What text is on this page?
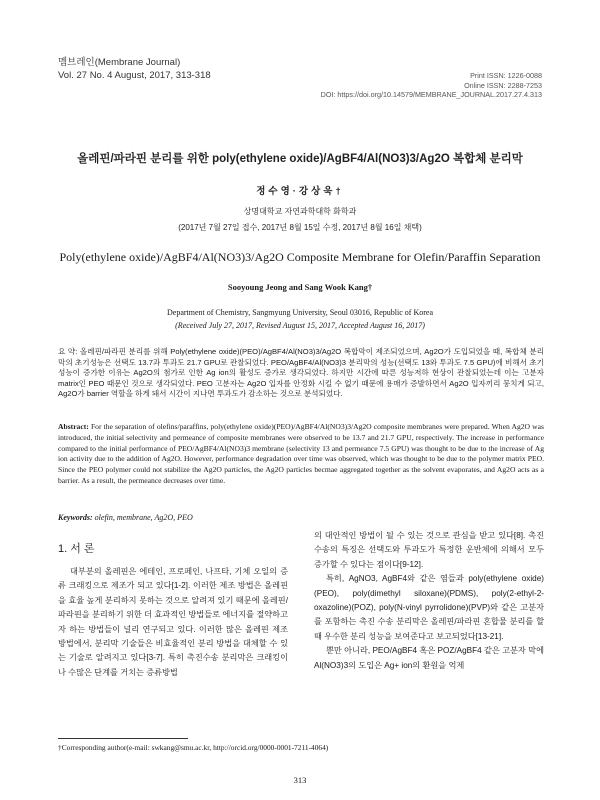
멤브레인(Membrane Journal)
Vol. 27 No. 4 August, 2017, 313-318	Print ISSN: 1226-0088
Online ISSN: 2288-7253
DOI: https://doi.org/10.14579/MEMBRANE_JOURNAL.2017.27.4.313
올레핀/파라핀 분리를 위한 poly(ethylene oxide)/AgBF4/Al(NO3)3/Ag2O 복합체 분리막
정수영·강상욱†
상명대학교 자연과학대학 화학과
(2017년 7월 27일 접수, 2017년 8월 15일 수정, 2017년 8월 16일 채택)
Poly(ethylene oxide)/AgBF4/Al(NO3)3/Ag2O Composite Membrane for Olefin/Paraffin Separation
Sooyoung Jeong and Sang Wook Kang†
Department of Chemistry, Sangmyung University, Seoul 03016, Republic of Korea
(Received July 27, 2017, Revised August 15, 2017, Accepted August 16, 2017)
요 약: 올레핀/파라핀 분리를 위해 Poly(ethylene oxide)(PEO)/AgBF4/Al(NO3)3/Ag2O 복합막이 제조되었으며, Ag2O가 도입되었을 때, 복합체 분리막의 초기성능은 선택도 13.7과 투과도 21.7 GPU로 관찰되었다. PEO/AgBF4/Al(NO3)3 분리막의 성능(선택도 13와 투과도 7.5 GPU)에 비해서 초기성능이 증가한 이유는 Ag2O의 첨가로 인한 Ag ion의 활성도 증가로 생각되었다. 하지만 시간에 따른 성능저하 현상이 관찰되었는데 이는 고분자 matrix인 PEO 때문인 것으로 생각되었다. PEO 고분자는 Ag2O 입자를 안정화 시킬 수 없기 때문에 용매가 증발하면서 Ag2O 입자끼리 뭉치게 되고, Ag2O가 barrier 역할을 하게 돼서 시간이 지나면 투과도가 감소하는 것으로 분석되었다.
Abstract: For the separation of olefins/paraffins, poly(ethylene oxide)(PEO)/AgBF4/Al(NO3)3/Ag2O composite membranes were prepared. When Ag2O was introduced, the initial selectivity and permeance of composite membranes were observed to be 13.7 and 21.7 GPU, respectively. The increase in performance compared to the initial performance of PEO/AgBF4/Al(NO3)3 membrane (selectivity 13 and permeance 7.5 GPU) was thought to be due to the increase of Ag ion activity due to the addition of Ag2O. However, performance degradation over time was observed, which was thought to be due to the polymer matrix PEO. Since the PEO polymer could not stabilize the Ag2O particles, the Ag2O particles becmae aggregated together as the solvent evaporates, and Ag2O acts as a barrier. As a result, the permeance decreases over time.
Keywords: olefin, membrane, Ag2O, PEO
1. 서 론

대부분의 올레핀은 에테인, 프로페인, 나프타, 기체 오일의 증류 크래킹으로 제조가 되고 있다[1-2]. 이러한 제조 방법은 올레핀을 효율 높게 분리하지 못하는 것으로 알려져 있기 때문에 올레핀/파라핀을 분리하기 위한 더 효과적인 방법들로 에너지를 절약하고자 하는 방법들이 널리 연구되고 있다. 이러한 많은 올레핀 제조 방법에서, 분리막 기술들은 비효율적인 분리 방법을 대체할 수 있는 기술로 알려지고 있다[3-7]. 특히 촉진수송 분리막은 크래킹이나 수많은 단계를 거치는 증류방법

의 대안적인 방법이 될 수 있는 것으로 관심을 받고 있다[8]. 촉진수송의 특징은 선택도와 투과도가 특정한 운반체에 의해서 모두 증가할 수 있다는 점이다[9-12].

특히, AgNO3, AgBF4와 같은 염들과 poly(ethylene oxide)(PEO), poly(dimethyl siloxane)(PDMS), poly(2-ethyl-2-oxazoline)(POZ), poly(N-vinyl pyrrolidone)(PVP)와 같은 고분자를 포함하는 촉진 수송 분리막은 올레핀/파라핀 혼합물 분리를 할 때 우수한 분리 성능을 보여준다고 보고되었다[13-21].

뿐만 아니라, PEO/AgBF4 혹은 POZ/AgBF4 같은 고분자 막에 Al(NO3)3의 도입은 Ag+ ion의 환원을 억제

†Corresponding author(e-mail: swkang@smu.ac.kr, http://orcid.org/0000-0001-7211-4064)
313
